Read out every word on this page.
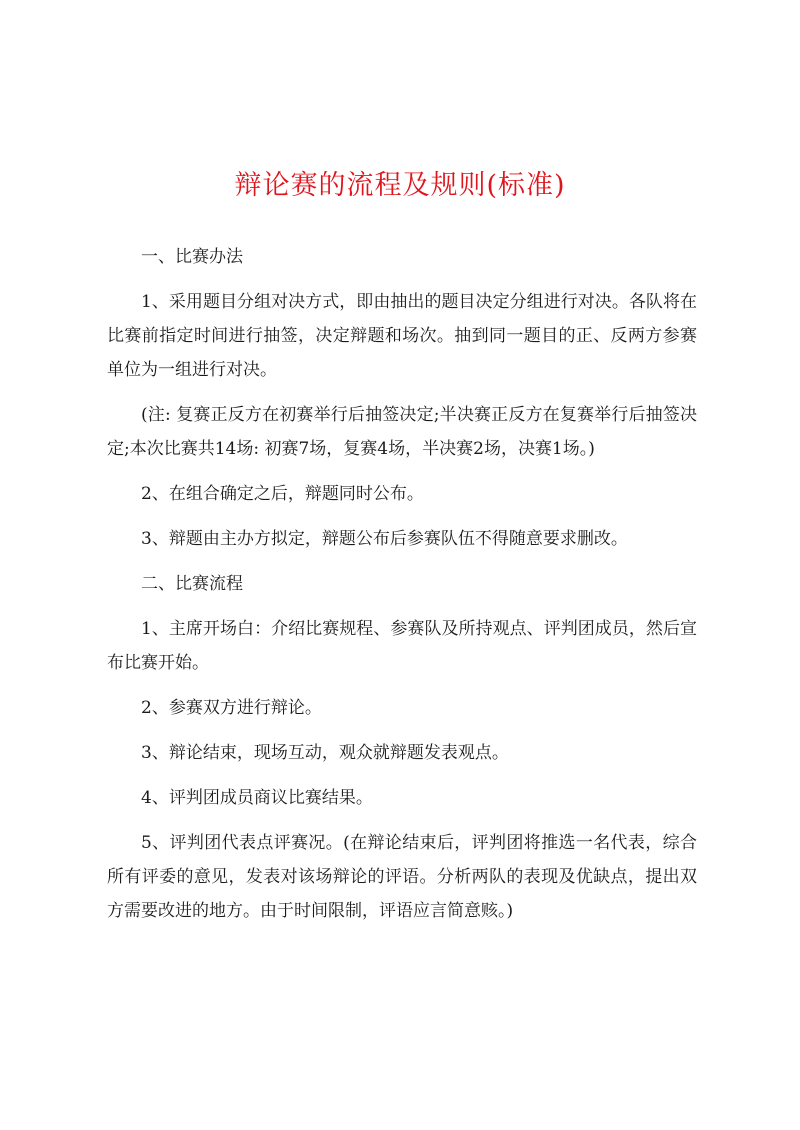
辩论赛的流程及规则(标准)

一、比赛办法

1、采用题目分组对决方式，即由抽出的题目决定分组进行对决。各队将在比赛前指定时间进行抽签，决定辩题和场次。抽到同一题目的正、反两方参赛单位为一组进行对决。

(注: 复赛正反方在初赛举行后抽签决定;半决赛正反方在复赛举行后抽签决定;本次比赛共14场: 初赛7场，复赛4场，半决赛2场，决赛1场。)

2、在组合确定之后，辩题同时公布。

3、辩题由主办方拟定，辩题公布后参赛队伍不得随意要求删改。

二、比赛流程

1、主席开场白：介绍比赛规程、参赛队及所持观点、评判团成员，然后宣布比赛开始。

2、参赛双方进行辩论。

3、辩论结束，现场互动，观众就辩题发表观点。

4、评判团成员商议比赛结果。

5、评判团代表点评赛况。(在辩论结束后，评判团将推选一名代表，综合所有评委的意见，发表对该场辩论的评语。分析两队的表现及优缺点，提出双方需要改进的地方。由于时间限制，评语应言简意赅。)
